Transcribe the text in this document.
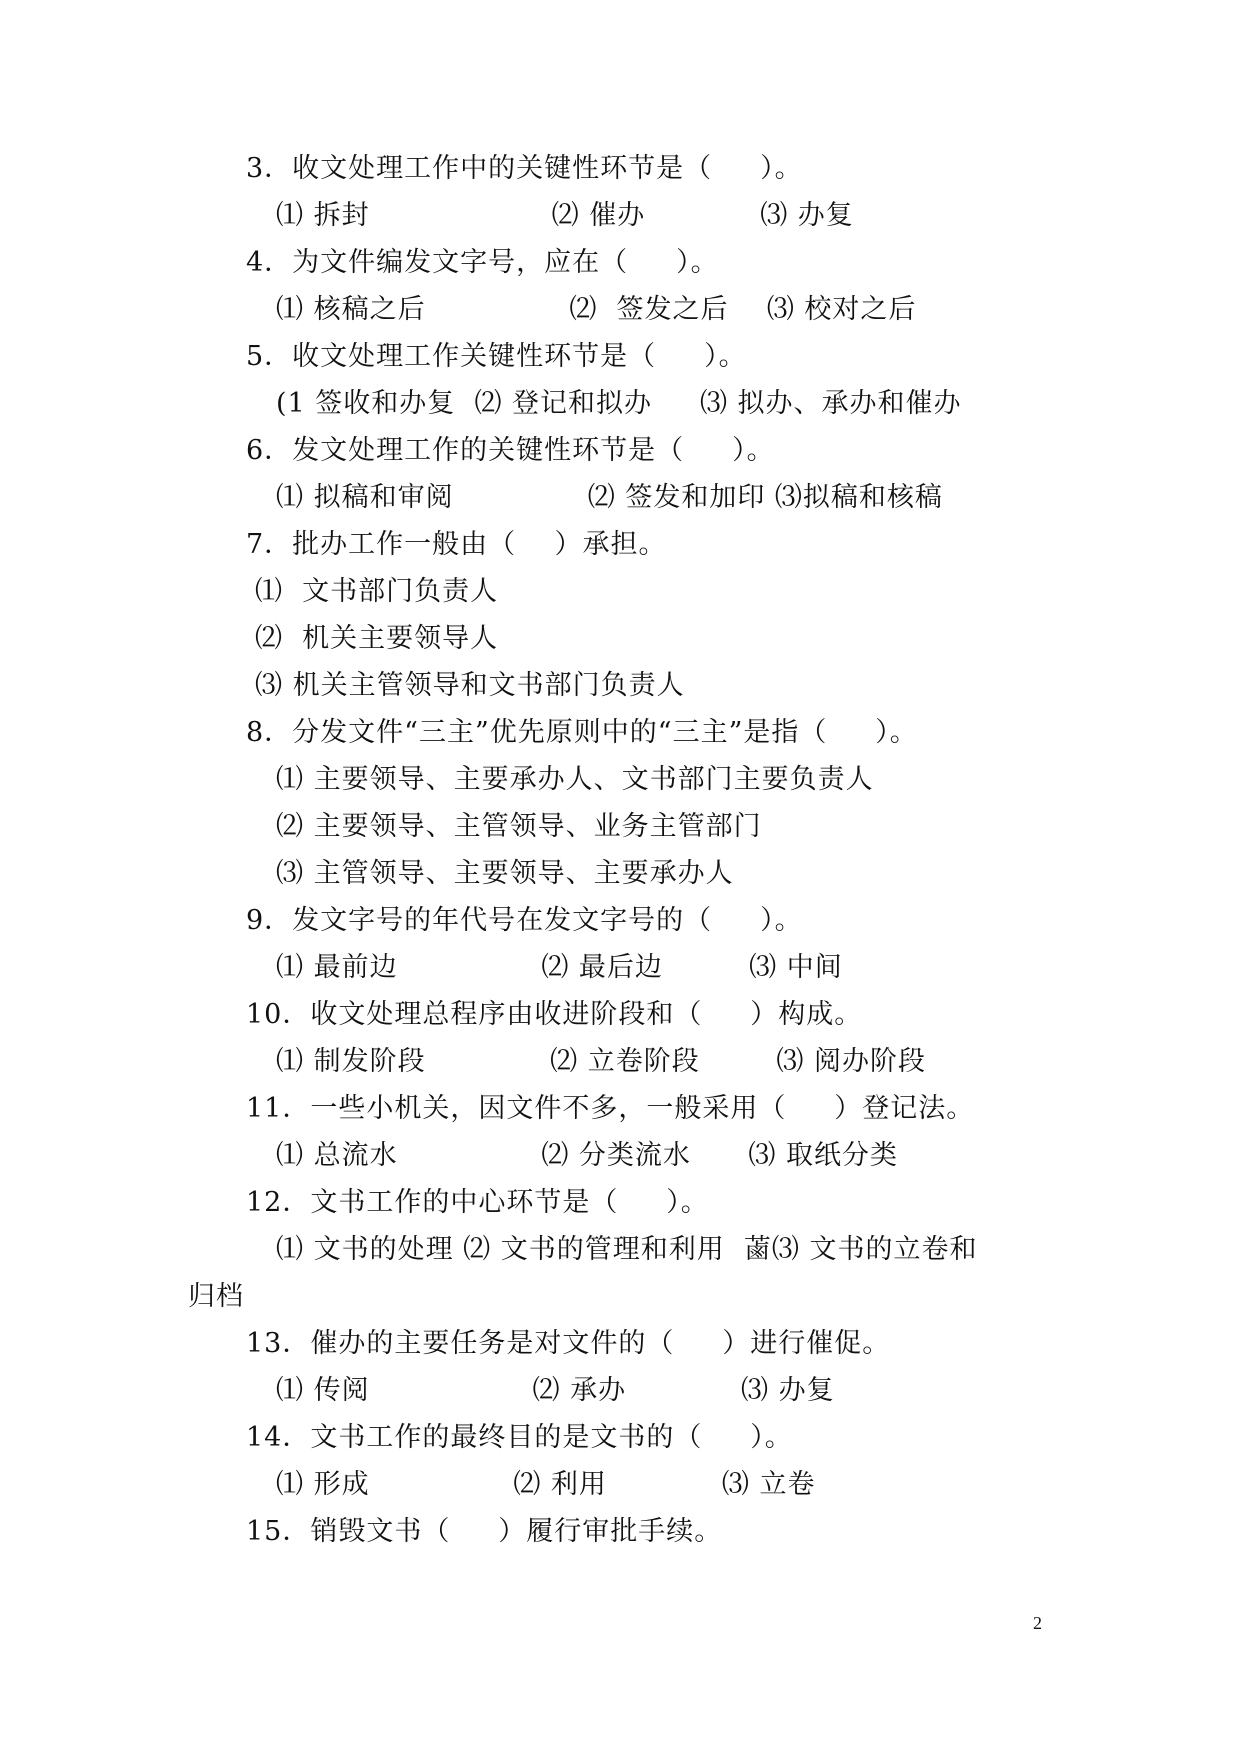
3．收文处理工作中的关键性环节是（     ）。
⑴ 拆封                   ⑵ 催办            ⑶ 办复
4．为文件编发文字号，应在（     ）。
⑴ 核稿之后               ⑵  签发之后    ⑶ 校对之后
5．收文处理工作关键性环节是（     ）。
(1 签收和办复  ⑵ 登记和拟办     ⑶ 拟办、承办和催办
6．发文处理工作的关键性环节是（     ）。
⑴ 拟稿和审阅              ⑵ 签发和加印 ⑶拟稿和核稿
7．批办工作一般由（    ）承担。
⑴  文书部门负责人
⑵  机关主要领导人
⑶ 机关主管领导和文书部门负责人
8．分发文件“三主”优先原则中的“三主”是指（     ）。
⑴ 主要领导、主要承办人、文书部门主要负责人
⑵ 主要领导、主管领导、业务主管部门
⑶ 主管领导、主要领导、主要承办人
9．发文字号的年代号在发文字号的（     ）。
⑴ 最前边               ⑵ 最后边         ⑶ 中间
10．收文处理总程序由收进阶段和（     ）构成。
⑴ 制发阶段             ⑵ 立卷阶段        ⑶ 阅办阶段
11．一些小机关，因文件不多，一般采用（     ）登记法。
⑴ 总流水               ⑵ 分类流水      ⑶ 取纸分类
12．文书工作的中心环节是（     ）。
⑴ 文书的处理 ⑵ 文书的管理和利用  蓾⑶ 文书的立卷和
归档
13．催办的主要任务是对文件的（     ）进行催促。
⑴ 传阅                 ⑵ 承办            ⑶ 办复
14．文书工作的最终目的是文书的（     ）。
⑴ 形成               ⑵ 利用            ⑶ 立卷
15．销毁文书（     ）履行审批手续。
2
